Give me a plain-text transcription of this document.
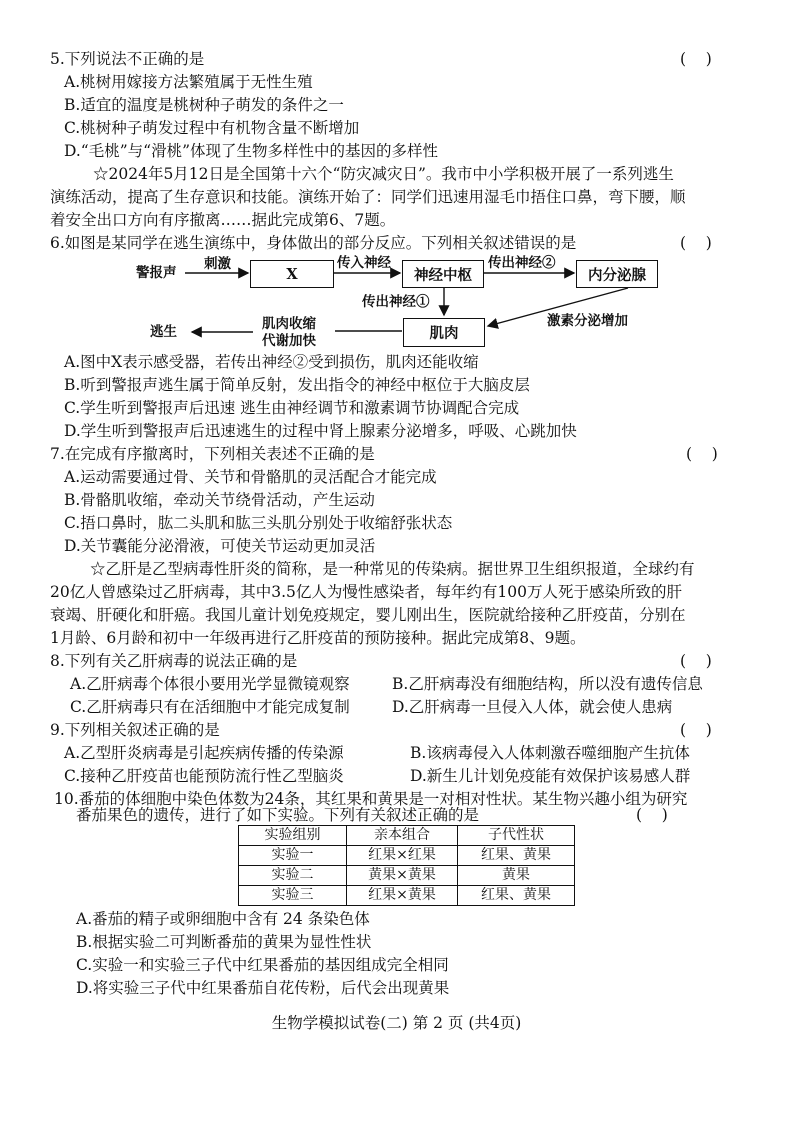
5.下列说法不正确的是	(    )
A.桃树用嫁接方法繁殖属于无性生殖
B.适宜的温度是桃树种子萌发的条件之一
C.桃树种子萌发过程中有机物含量不断增加
D.“毛桃”与“滑桃”体现了生物多样性中的基因的多样性
☆2024年5月12日是全国第十六个“防灾减灾日”。我市中小学积极开展了一系列逃生
演练活动，提高了生存意识和技能。演练开始了：同学们迅速用湿毛巾捂住口鼻，弯下腰，顺
着安全出口方向有序撤离……据此完成第6、7题。
6.如图是某同学在逃生演练中，身体做出的部分反应。下列相关叙述错误的是	(    )
警报声
刺激
X
传入神经
神经中枢
传出神经②
内分泌腺
传出神经①
肌肉
激素分泌增加
肌肉收缩
代谢加快
逃生
A.图中X表示感受器，若传出神经②受到损伤，肌肉还能收缩
B.听到警报声逃生属于简单反射，发出指令的神经中枢位于大脑皮层
C.学生听到警报声后迅速 逃生由神经调节和激素调节协调配合完成
D.学生听到警报声后迅速逃生的过程中肾上腺素分泌增多，呼吸、心跳加快
7.在完成有序撤离时，下列相关表述不正确的是	(    )
A.运动需要通过骨、关节和骨骼肌的灵活配合才能完成
B.骨骼肌收缩，牵动关节绕骨活动，产生运动
C.捂口鼻时，肱二头肌和肱三头肌分别处于收缩舒张状态
D.关节囊能分泌滑液，可使关节运动更加灵活
☆乙肝是乙型病毒性肝炎的简称，是一种常见的传染病。据世界卫生组织报道，全球约有
20亿人曾感染过乙肝病毒，其中3.5亿人为慢性感染者，每年约有100万人死于感染所致的肝
衰竭、肝硬化和肝癌。我国儿童计划免疫规定，婴儿刚出生，医院就给接种乙肝疫苗，分别在
1月龄、6月龄和初中一年级再进行乙肝疫苗的预防接种。据此完成第8、9题。
8.下列有关乙肝病毒的说法正确的是	(    )
A.乙肝病毒个体很小要用光学显微镜观察	B.乙肝病毒没有细胞结构，所以没有遗传信息
C.乙肝病毒只有在活细胞中才能完成复制	D.乙肝病毒一旦侵入人体，就会使人患病
9.下列相关叙述正确的是	(    )
A.乙型肝炎病毒是引起疾病传播的传染源	B.该病毒侵入人体刺激吞噬细胞产生抗体
C.接种乙肝疫苗也能预防流行性乙型脑炎	D.新生儿计划免疫能有效保护该易感人群
10.番茄的体细胞中染色体数为24条，其红果和黄果是一对相对性状。某生物兴趣小组为研究
番茄果色的遗传，进行了如下实验。下列有关叙述正确的是	(    )
实验组别	亲本组合	子代性状
实验一	红果×红果	红果、黄果
实验二	黄果×黄果	黄果
实验三	红果×黄果	红果、黄果
A.番茄的精子或卵细胞中含有 24 条染色体
B.根据实验二可判断番茄的黄果为显性性状
C.实验一和实验三子代中红果番茄的基因组成完全相同
D.将实验三子代中红果番茄自花传粉，后代会出现黄果
生物学模拟试卷(二) 第 2 页 (共4页)
